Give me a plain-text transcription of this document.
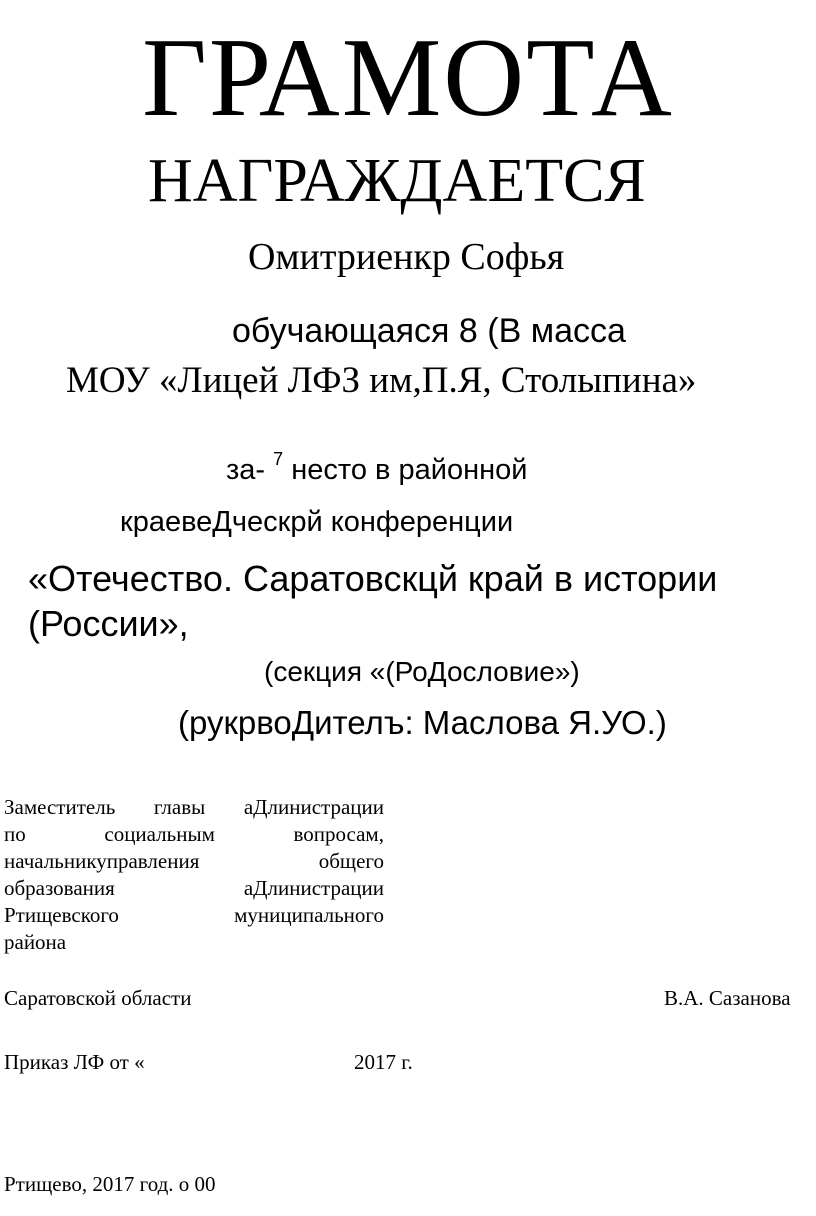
ГРАМОТА
НАГРАЖДАЕТСЯ
Омитриенкр Софья
обучающаяся 8 (В масса
МОУ «Лицей ЛФЗ им,П.Я, Столыпина»
за- $^7$ несто в районной
краевеДческрй конференции
«Отечество. Саратовскцй край в истории
(России»,
(секция «(РоДословие»)
(рукрвоДителъ: Маслова Я.УО.)
Заместитель главы аДлинистрации
по	социальным	вопросам,
начальникуправления	общего
образования	аДлинистрации
Ртищевского	муниципального
района
Саратовской области	В.А. Сазанова
Приказ ЛФ от «	2017 г.
Ртищево, 2017 год. о 00
